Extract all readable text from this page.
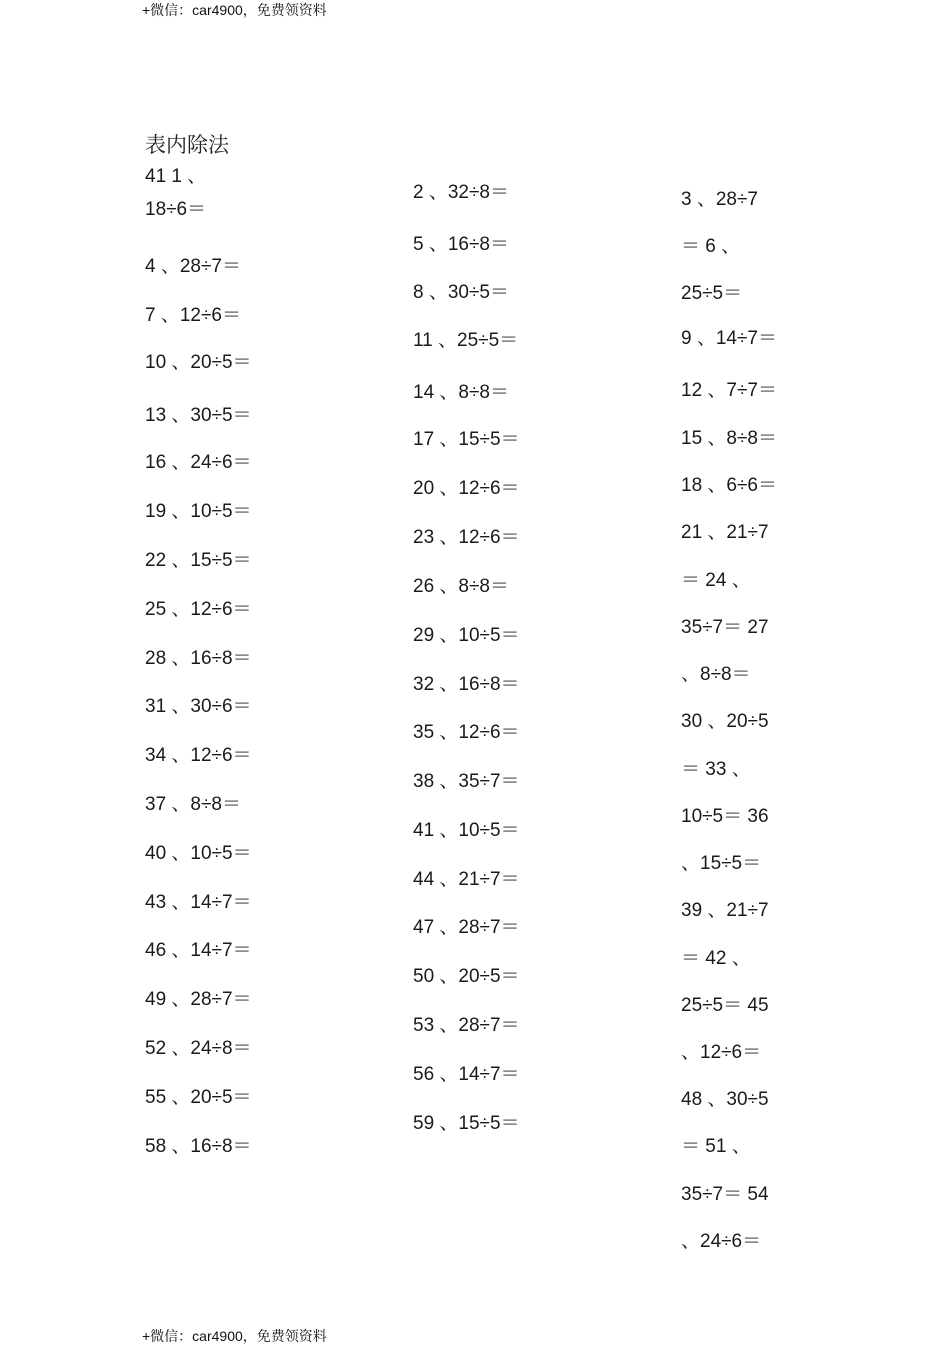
+微信：car4900，免费领资料
表内除法
41 1 、
18÷6＝
4 、28÷7＝
7 、12÷6＝
10 、20÷5＝
13 、30÷5＝
16 、24÷6＝
19 、10÷5＝
22 、15÷5＝
25 、12÷6＝
28 、16÷8＝
31 、30÷6＝
34 、12÷6＝
37 、8÷8＝
40 、10÷5＝
43 、14÷7＝
46 、14÷7＝
49 、28÷7＝
52 、24÷8＝
55 、20÷5＝
58 、16÷8＝
2 、32÷8＝
5 、16÷8＝
8 、30÷5＝
11 、25÷5＝
14 、8÷8＝
17 、15÷5＝
20 、12÷6＝
23 、12÷6＝
26 、8÷8＝
29 、10÷5＝
32 、16÷8＝
35 、12÷6＝
38 、35÷7＝
41 、10÷5＝
44 、21÷7＝
47 、28÷7＝
50 、20÷5＝
53 、28÷7＝
56 、14÷7＝
59 、15÷5＝
3 、28÷7
＝ 6 、
25÷5＝
9 、14÷7＝
12 、7÷7＝
15 、8÷8＝
18 、6÷6＝
21 、21÷7
＝ 24 、
35÷7＝ 27
、8÷8＝
30 、20÷5
＝ 33 、
10÷5＝ 36
、15÷5＝
39 、21÷7
＝ 42 、
25÷5＝ 45
、12÷6＝
48 、30÷5
＝ 51 、
35÷7＝ 54
、24÷6＝
+微信：car4900，免费领资料
